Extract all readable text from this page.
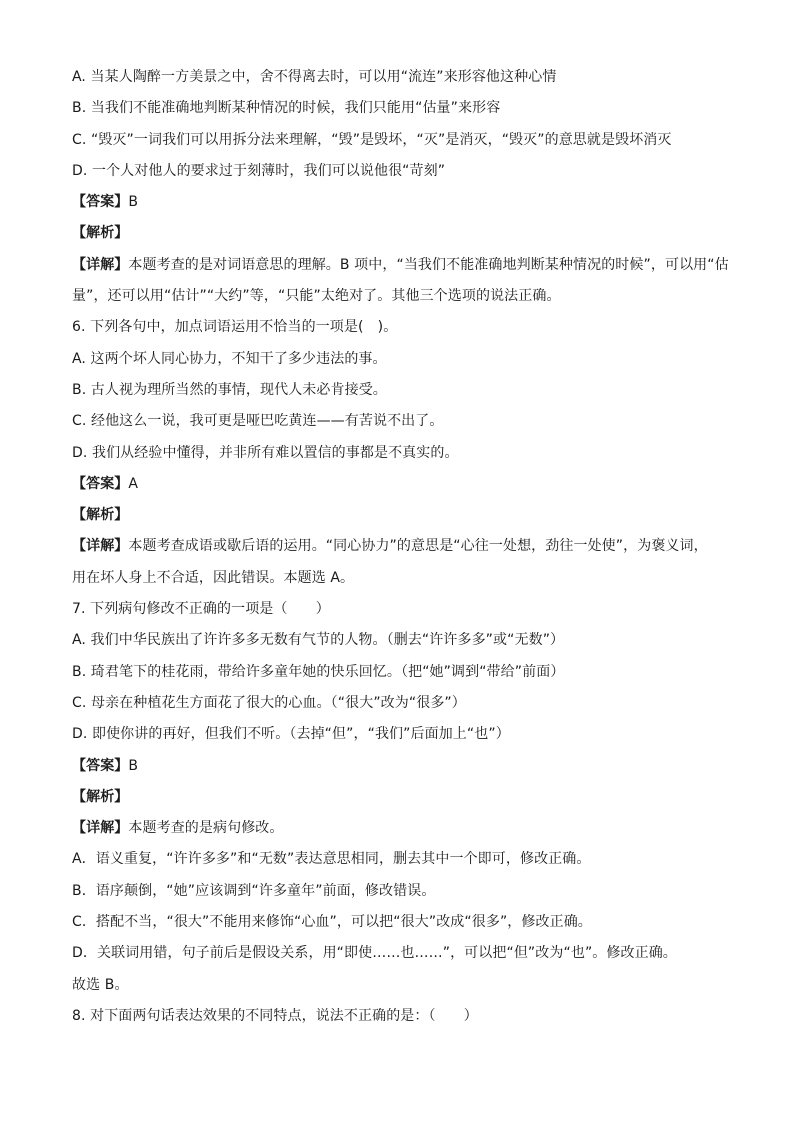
A. 当某人陶醉一方美景之中，舍不得离去时，可以用“流连”来形容他这种心情
B. 当我们不能准确地判断某种情况的时候，我们只能用“估量”来形容
C. “毁灭”一词我们可以用拆分法来理解，“毁”是毁坏，“灭”是消灭，“毁灭”的意思就是毁坏消灭
D. 一个人对他人的要求过于刻薄时，我们可以说他很“苛刻”
【答案】B
【解析】
【详解】本题考查的是对词语意思的理解。B 项中，“当我们不能准确地判断某种情况的时候”，可以用“估
量”，还可以用“估计”“大约”等，“只能”太绝对了。其他三个选项的说法正确。
6. 下列各句中，加点词语运用不恰当的一项是(　)。
A. 这两个坏人同心协力，不知干了多少违法的事。
B. 古人视为理所当然的事情，现代人未必肯接受。
C. 经他这么一说，我可更是哑巴吃黄连——有苦说不出了。
D. 我们从经验中懂得，并非所有难以置信的事都是不真实的。
【答案】A
【解析】
【详解】本题考查成语或歇后语的运用。“同心协力”的意思是“心往一处想，劲往一处使”，为褒义词，
用在坏人身上不合适，因此错误。本题选 A。
7. 下列病句修改不正确的一项是（　　）
A. 我们中华民族出了许许多多无数有气节的人物。（删去“许许多多”或“无数”）
B. 琦君笔下的桂花雨，带给许多童年她的快乐回忆。（把“她”调到“带给”前面）
C. 母亲在种植花生方面花了很大的心血。（“很大”改为“很多”）
D. 即使你讲的再好，但我们不听。（去掉“但”，“我们”后面加上“也”）
【答案】B
【解析】
【详解】本题考查的是病句修改。
A．语义重复，“许许多多”和“无数”表达意思相同，删去其中一个即可，修改正确。
B．语序颠倒，“她”应该调到“许多童年”前面，修改错误。
C．搭配不当，“很大”不能用来修饰“心血”，可以把“很大”改成“很多”，修改正确。
D．关联词用错，句子前后是假设关系，用“即使……也……”，可以把“但”改为“也”。修改正确。
故选 B。
8. 对下面两句话表达效果的不同特点，说法不正确的是：（　　）
